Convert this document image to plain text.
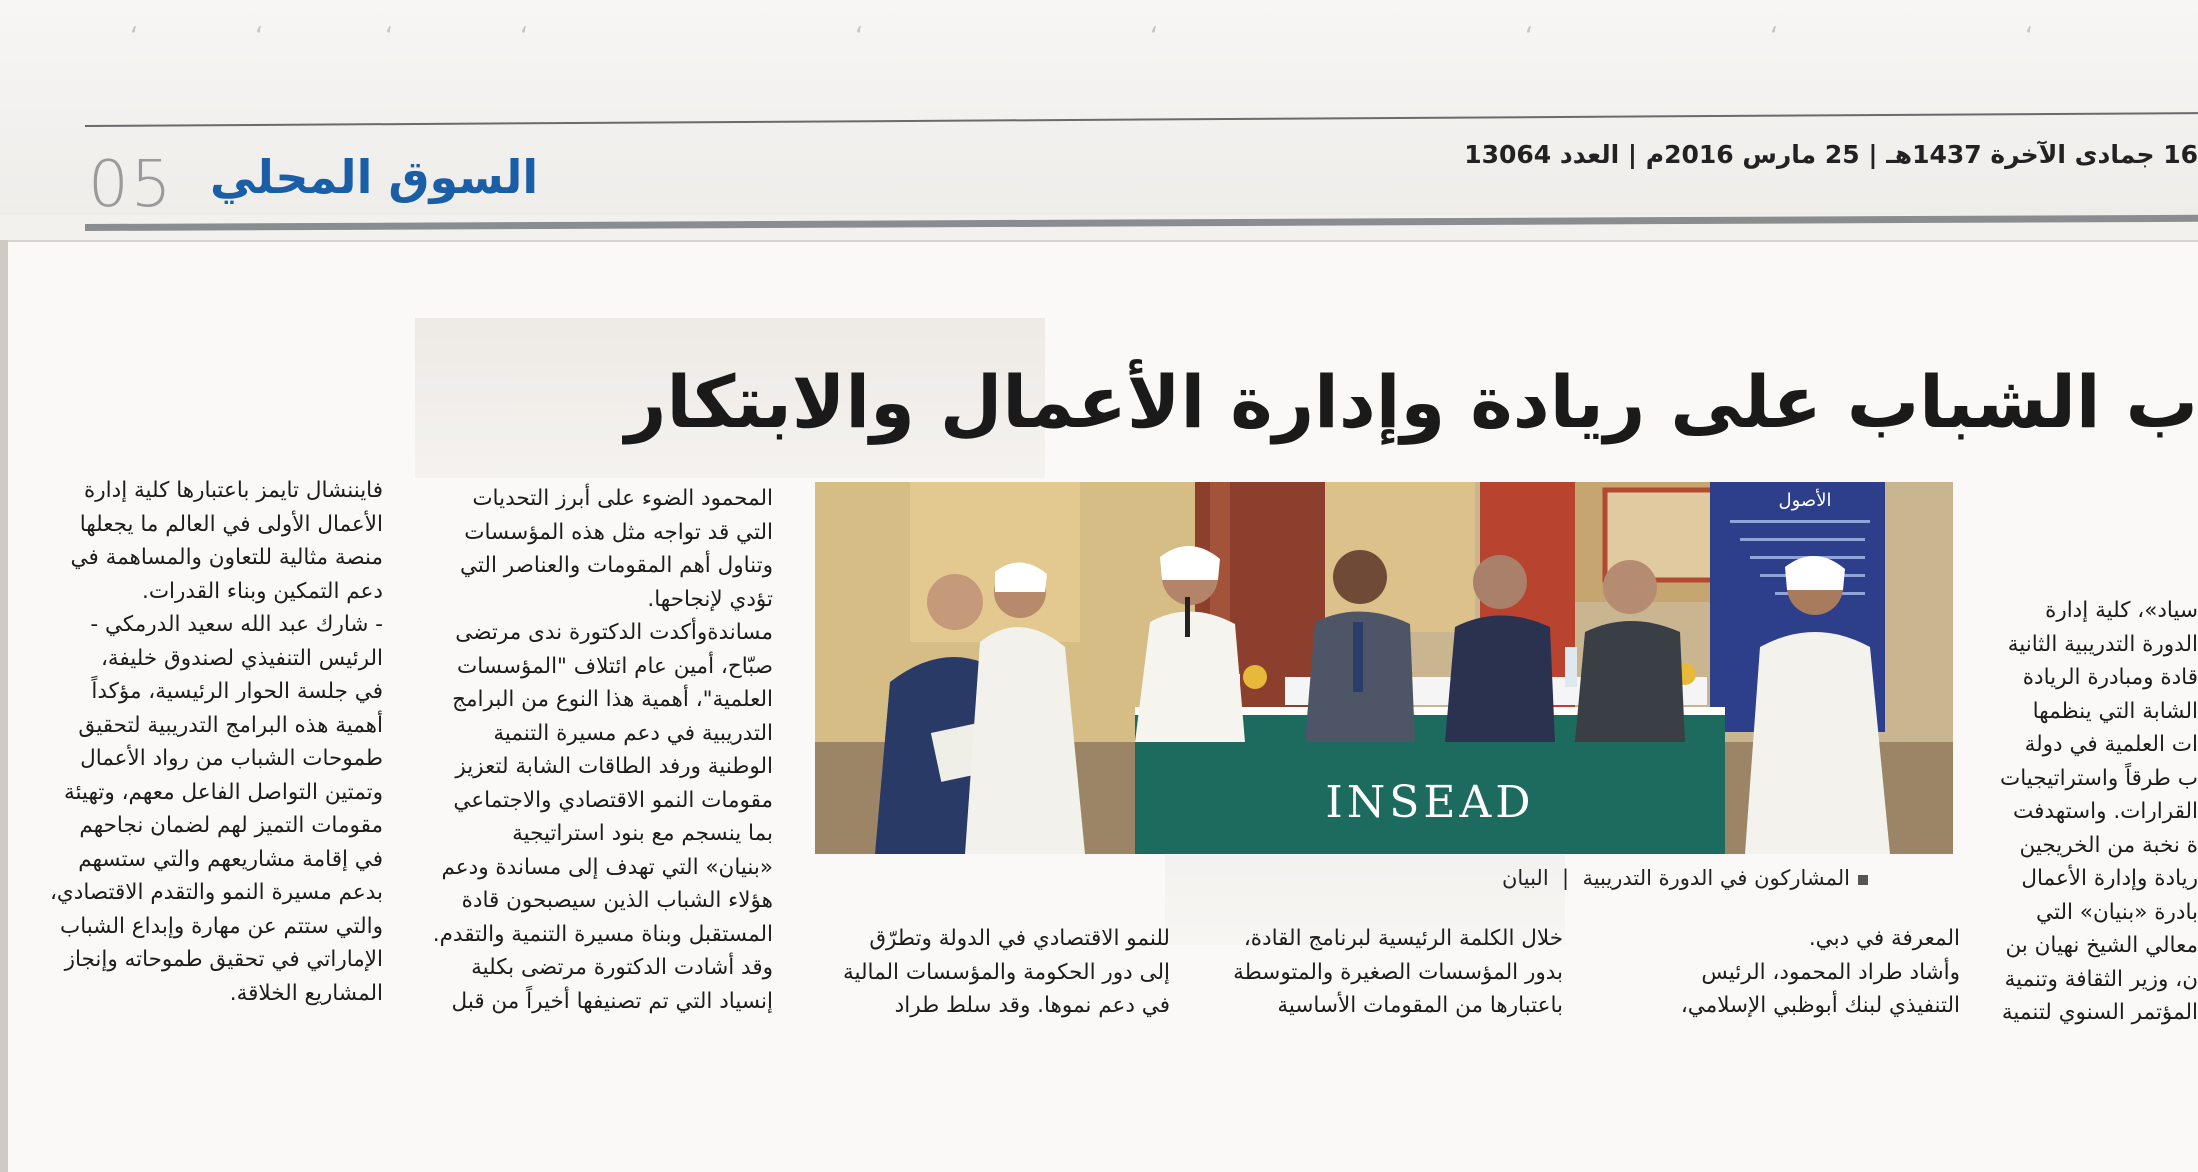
ʻ	ʻ	ʻ	ʻ	ʻ	ʻ	ʻ	ʻ	ʻ
05 السوق المحلي	16 جمادى الآخرة 1437هـ | 25 مارس 2016م | العدد 13064
ب الشباب على ريادة وإدارة الأعمال والابتكار
الأصول
INSEAD
المشاركون في الدورة التدريبية  |  البيان

سياد»، كلية إدارة

الدورة التدريبية الثانية

قادة ومبادرة الريادة

الشابة التي ينظمها

ات العلمية في دولة

ب طرقاً واستراتيجيات

القرارات. واستهدفت

ة نخبة من الخريجين

ريادة وإدارة الأعمال

بادرة «بنيان» التي

معالي الشيخ نهيان بن

ن، وزير الثقافة وتنمية

المؤتمر السنوي لتنمية

المعرفة في دبي.

وأشاد طراد المحمود، الرئيس

التنفيذي لبنك أبوظبي الإسلامي،

خلال الكلمة الرئيسية لبرنامج القادة،

بدور المؤسسات الصغيرة والمتوسطة

باعتبارها من المقومات الأساسية

للنمو الاقتصادي في الدولة وتطرّق

إلى دور الحكومة والمؤسسات المالية

في دعم نموها. وقد سلط طراد

المحمود الضوء على أبرز التحديات

التي قد تواجه مثل هذه المؤسسات

وتناول أهم المقومات والعناصر التي

تؤدي لإنجاحها.

مساندةوأكدت الدكتورة ندى مرتضى

صبّاح، أمين عام ائتلاف "المؤسسات

العلمية"، أهمية هذا النوع من البرامج

التدريبية في دعم مسيرة التنمية

الوطنية ورفد الطاقات الشابة لتعزيز

مقومات النمو الاقتصادي والاجتماعي

بما ينسجم مع بنود استراتيجية

«بنيان» التي تهدف إلى مساندة ودعم

هؤلاء الشباب الذين سيصبحون قادة

المستقبل وبناة مسيرة التنمية والتقدم.

وقد أشادت الدكتورة مرتضى بكلية

إنسياد التي تم تصنيفها أخيراً من قبل

فايننشال تايمز باعتبارها كلية إدارة

الأعمال الأولى في العالم ما يجعلها

منصة مثالية للتعاون والمساهمة في

دعم التمكين وبناء القدرات.

- شارك عبد الله سعيد الدرمكي -

الرئيس التنفيذي لصندوق خليفة،

في جلسة الحوار الرئيسية، مؤكداً

أهمية هذه البرامج التدريبية لتحقيق

طموحات الشباب من رواد الأعمال

وتمتين التواصل الفاعل معهم، وتهيئة

مقومات التميز لهم لضمان نجاحهم

في إقامة مشاريعهم والتي ستسهم

بدعم مسيرة النمو والتقدم الاقتصادي،

والتي ستتم عن مهارة وإبداع الشباب

الإماراتي في تحقيق طموحاته وإنجاز

المشاريع الخلاقة.
